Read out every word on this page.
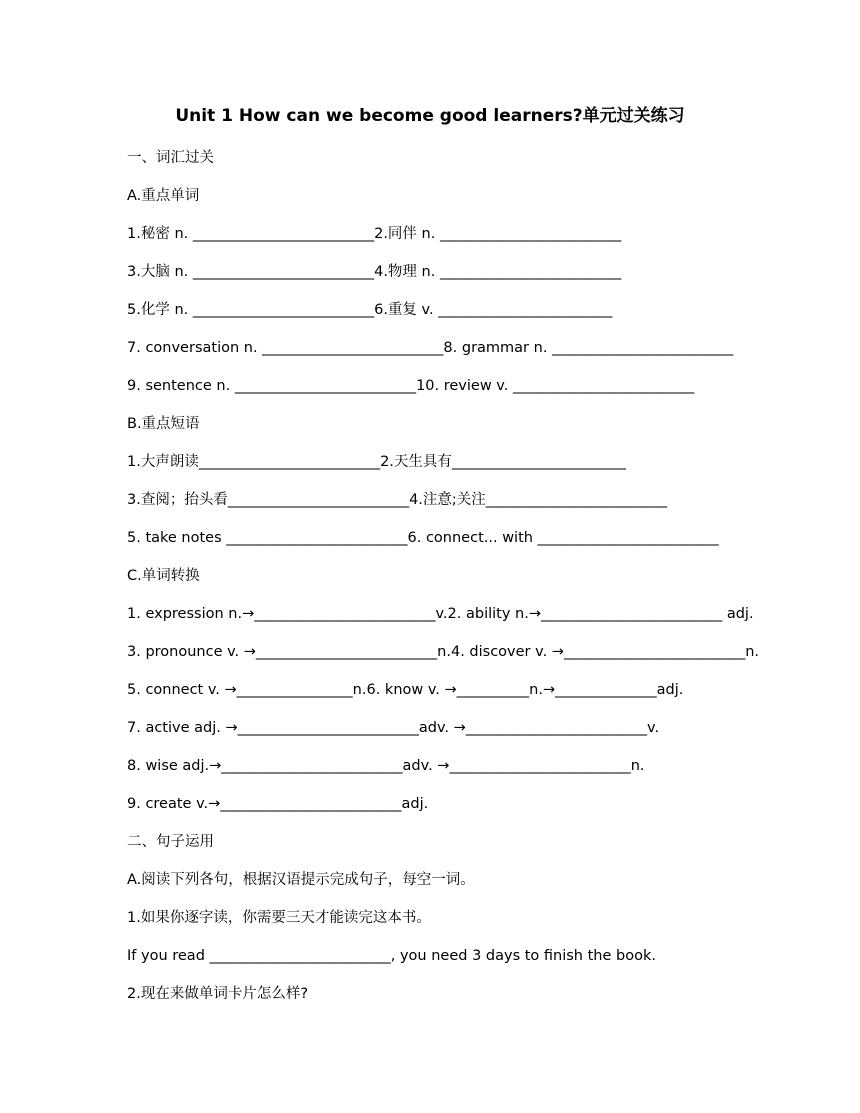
Unit 1 How can we become good learners?单元过关练习
一、词汇过关
A.重点单词
1.秘密 n. _________________________2.同伴 n. _________________________
3.大脑 n. _________________________4.物理 n. _________________________
5.化学 n. _________________________6.重复 v. ________________________
7. conversation n. _________________________8. grammar n. _________________________
9. sentence n. _________________________10. review v. _________________________
B.重点短语
1.大声朗读_________________________2.天生具有________________________
3.查阅；抬头看_________________________4.注意;关注_________________________
5. take notes _________________________6. connect... with _________________________
C.单词转换
1. expression n.→_________________________v.2. ability n.→_________________________ adj.
3. pronounce v. →_________________________n.4. discover v. →_________________________n.
5. connect v. →________________n.6. know v. →__________n.→______________adj.
7. active adj. →_________________________adv. →_________________________v.
8. wise adj.→_________________________adv. →_________________________n.
9. create v.→_________________________adj.
二、句子运用
A.阅读下列各句，根据汉语提示完成句子，每空一词。
1.如果你逐字读，你需要三天才能读完这本书。
If you read _________________________, you need 3 days to finish the book.
2.现在来做单词卡片怎么样?
